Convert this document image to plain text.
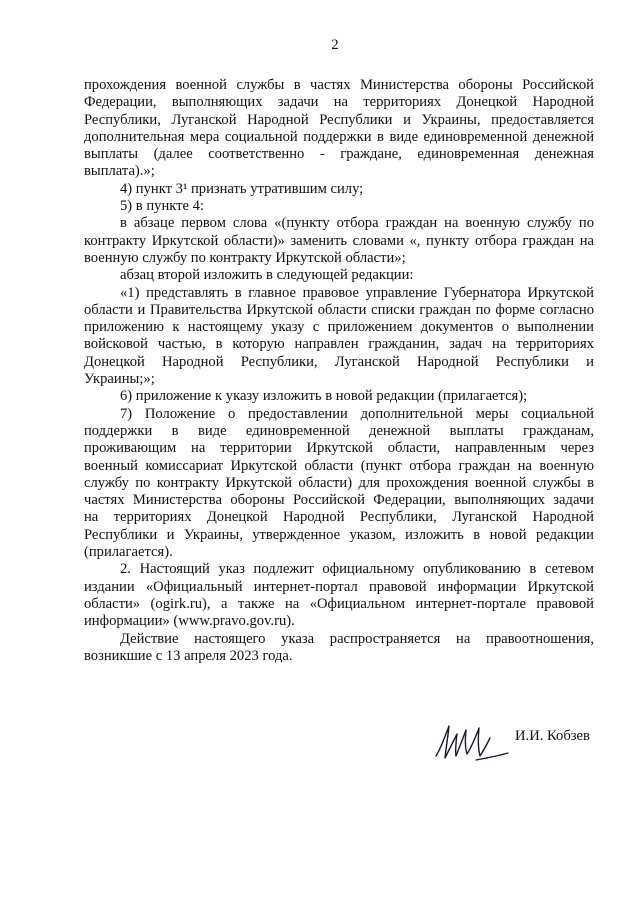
2
прохождения военной службы в частях Министерства обороны Российской
Федерации, выполняющих задачи на территориях Донецкой Народной
Республики, Луганской Народной Республики и Украины, предоставляется
дополнительная мера социальной поддержки в виде единовременной денежной
выплаты (далее соответственно - граждане, единовременная денежная
выплата).»;
4) пункт 3¹ признать утратившим силу;
5) в пункте 4:
в абзаце первом слова «(пункту отбора граждан на военную службу по
контракту Иркутской области)» заменить словами «, пункту отбора граждан на
военную службу по контракту Иркутской области»;
абзац второй изложить в следующей редакции:
«1) представлять в главное правовое управление Губернатора Иркутской
области и Правительства Иркутской области списки граждан по форме согласно
приложению к настоящему указу с приложением документов о выполнении
войсковой частью, в которую направлен гражданин, задач на территориях
Донецкой Народной Республики, Луганской Народной Республики и
Украины;»;
6) приложение к указу изложить в новой редакции (прилагается);
7) Положение о предоставлении дополнительной меры социальной
поддержки в виде единовременной денежной выплаты гражданам,
проживающим на территории Иркутской области, направленным через
военный комиссариат Иркутской области (пункт отбора граждан на военную
службу по контракту Иркутской области) для прохождения военной службы в
частях Министерства обороны Российской Федерации, выполняющих задачи
на территориях Донецкой Народной Республики, Луганской Народной
Республики и Украины, утвержденное указом, изложить в новой редакции
(прилагается).
2. Настоящий указ подлежит официальному опубликованию в сетевом
издании «Официальный интернет-портал правовой информации Иркутской
области» (ogirk.ru), а также на «Официальном интернет-портале правовой
информации» (www.pravo.gov.ru).
Действие настоящего указа распространяется на правоотношения,
возникшие с 13 апреля 2023 года.
И.И. Кобзев
